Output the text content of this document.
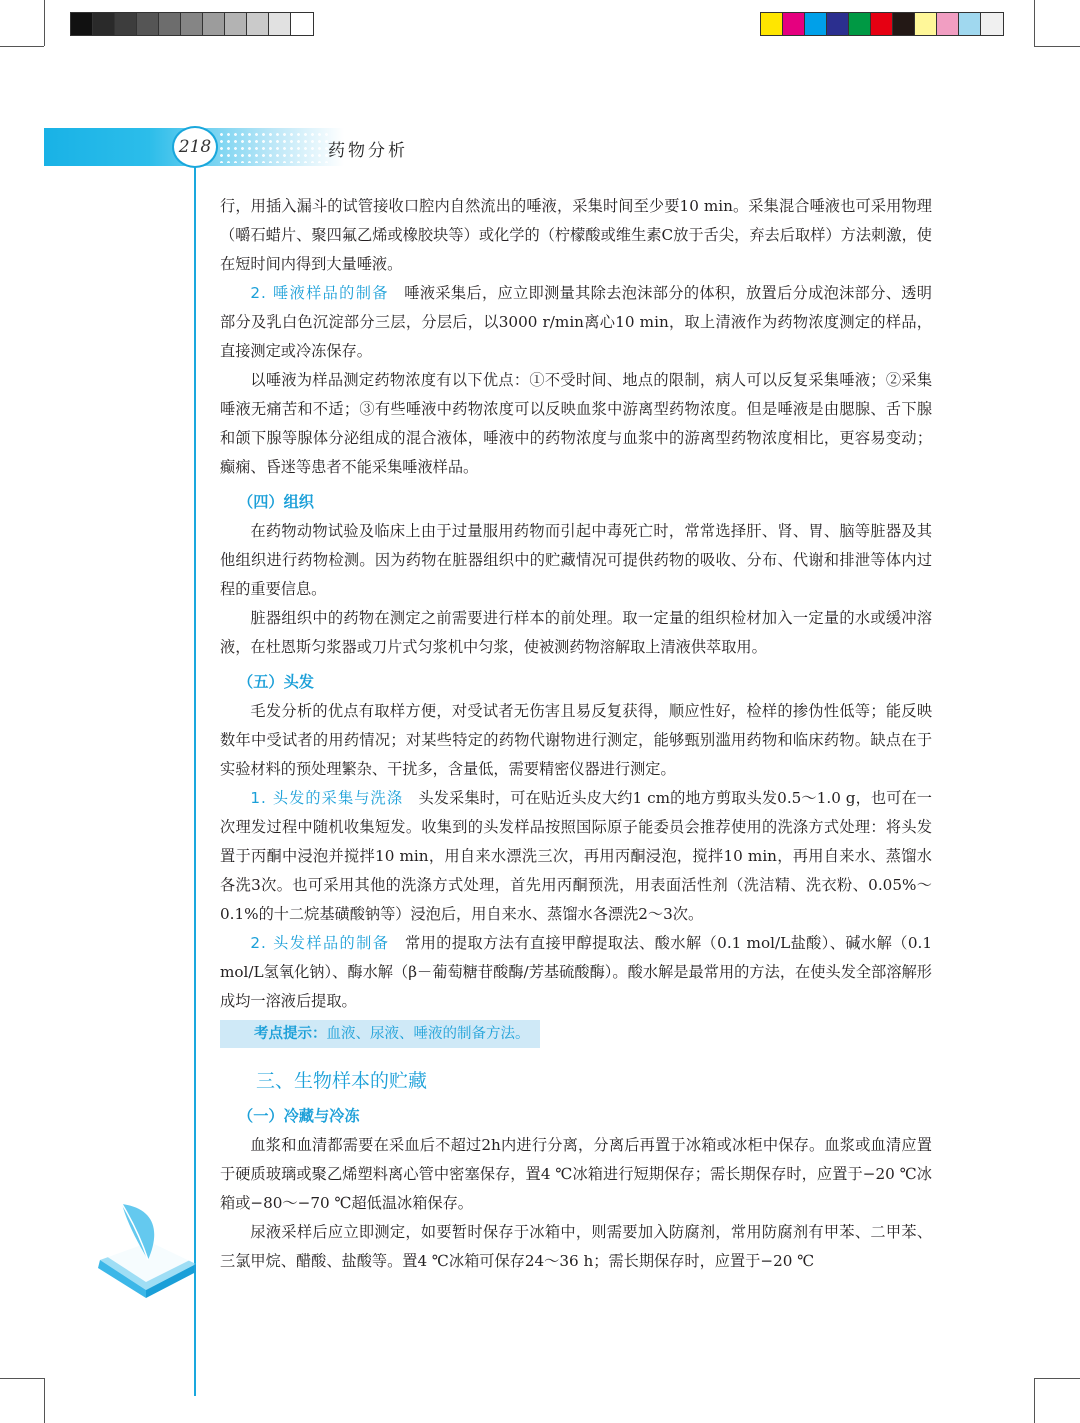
218	药物分析

行，用插入漏斗的试管接收口腔内自然流出的唾液，采集时间至少要10 min。采集混合唾液也可采用物理（嚼石蜡片、聚四氟乙烯或橡胶块等）或化学的（柠檬酸或维生素C放于舌尖，弃去后取样）方法刺激，使在短时间内得到大量唾液。

2. 唾液样品的制备　唾液采集后，应立即测量其除去泡沫部分的体积，放置后分成泡沫部分、透明部分及乳白色沉淀部分三层，分层后，以3000 r/min离心10 min，取上清液作为药物浓度测定的样品，直接测定或冷冻保存。

以唾液为样品测定药物浓度有以下优点：①不受时间、地点的限制，病人可以反复采集唾液；②采集唾液无痛苦和不适；③有些唾液中药物浓度可以反映血浆中游离型药物浓度。但是唾液是由腮腺、舌下腺和颌下腺等腺体分泌组成的混合液体，唾液中的药物浓度与血浆中的游离型药物浓度相比，更容易变动；癫痫、昏迷等患者不能采集唾液样品。

（四）组织

在药物动物试验及临床上由于过量服用药物而引起中毒死亡时，常常选择肝、肾、胃、脑等脏器及其他组织进行药物检测。因为药物在脏器组织中的贮藏情况可提供药物的吸收、分布、代谢和排泄等体内过程的重要信息。

脏器组织中的药物在测定之前需要进行样本的前处理。取一定量的组织检材加入一定量的水或缓冲溶液，在杜恩斯匀浆器或刀片式匀浆机中匀浆，使被测药物溶解取上清液供萃取用。

（五）头发

毛发分析的优点有取样方便，对受试者无伤害且易反复获得，顺应性好，检样的掺伪性低等；能反映数年中受试者的用药情况；对某些特定的药物代谢物进行测定，能够甄别滥用药物和临床药物。缺点在于实验材料的预处理繁杂、干扰多，含量低，需要精密仪器进行测定。

1. 头发的采集与洗涤　头发采集时，可在贴近头皮大约1 cm的地方剪取头发0.5～1.0 g，也可在一次理发过程中随机收集短发。收集到的头发样品按照国际原子能委员会推荐使用的洗涤方式处理：将头发置于丙酮中浸泡并搅拌10 min，用自来水漂洗三次，再用丙酮浸泡，搅拌10 min，再用自来水、蒸馏水各洗3次。也可采用其他的洗涤方式处理，首先用丙酮预洗，用表面活性剂（洗洁精、洗衣粉、0.05%～0.1%的十二烷基磺酸钠等）浸泡后，用自来水、蒸馏水各漂洗2～3次。

2. 头发样品的制备　常用的提取方法有直接甲醇提取法、酸水解（0.1 mol/L盐酸）、碱水解（0.1 mol/L氢氧化钠）、酶水解（β－葡萄糖苷酸酶/芳基硫酸酶）。酸水解是最常用的方法，在使头发全部溶解形成均一溶液后提取。

考点提示：血液、尿液、唾液的制备方法。
三、生物样本的贮藏
（一）冷藏与冷冻

血浆和血清都需要在采血后不超过2h内进行分离，分离后再置于冰箱或冰柜中保存。血浆或血清应置于硬质玻璃或聚乙烯塑料离心管中密塞保存，置4 ℃冰箱进行短期保存；需长期保存时，应置于−20 ℃冰箱或−80～−70 ℃超低温冰箱保存。

尿液采样后应立即测定，如要暂时保存于冰箱中，则需要加入防腐剂，常用防腐剂有甲苯、二甲苯、三氯甲烷、醋酸、盐酸等。置4 ℃冰箱可保存24～36 h；需长期保存时，应置于−20 ℃
